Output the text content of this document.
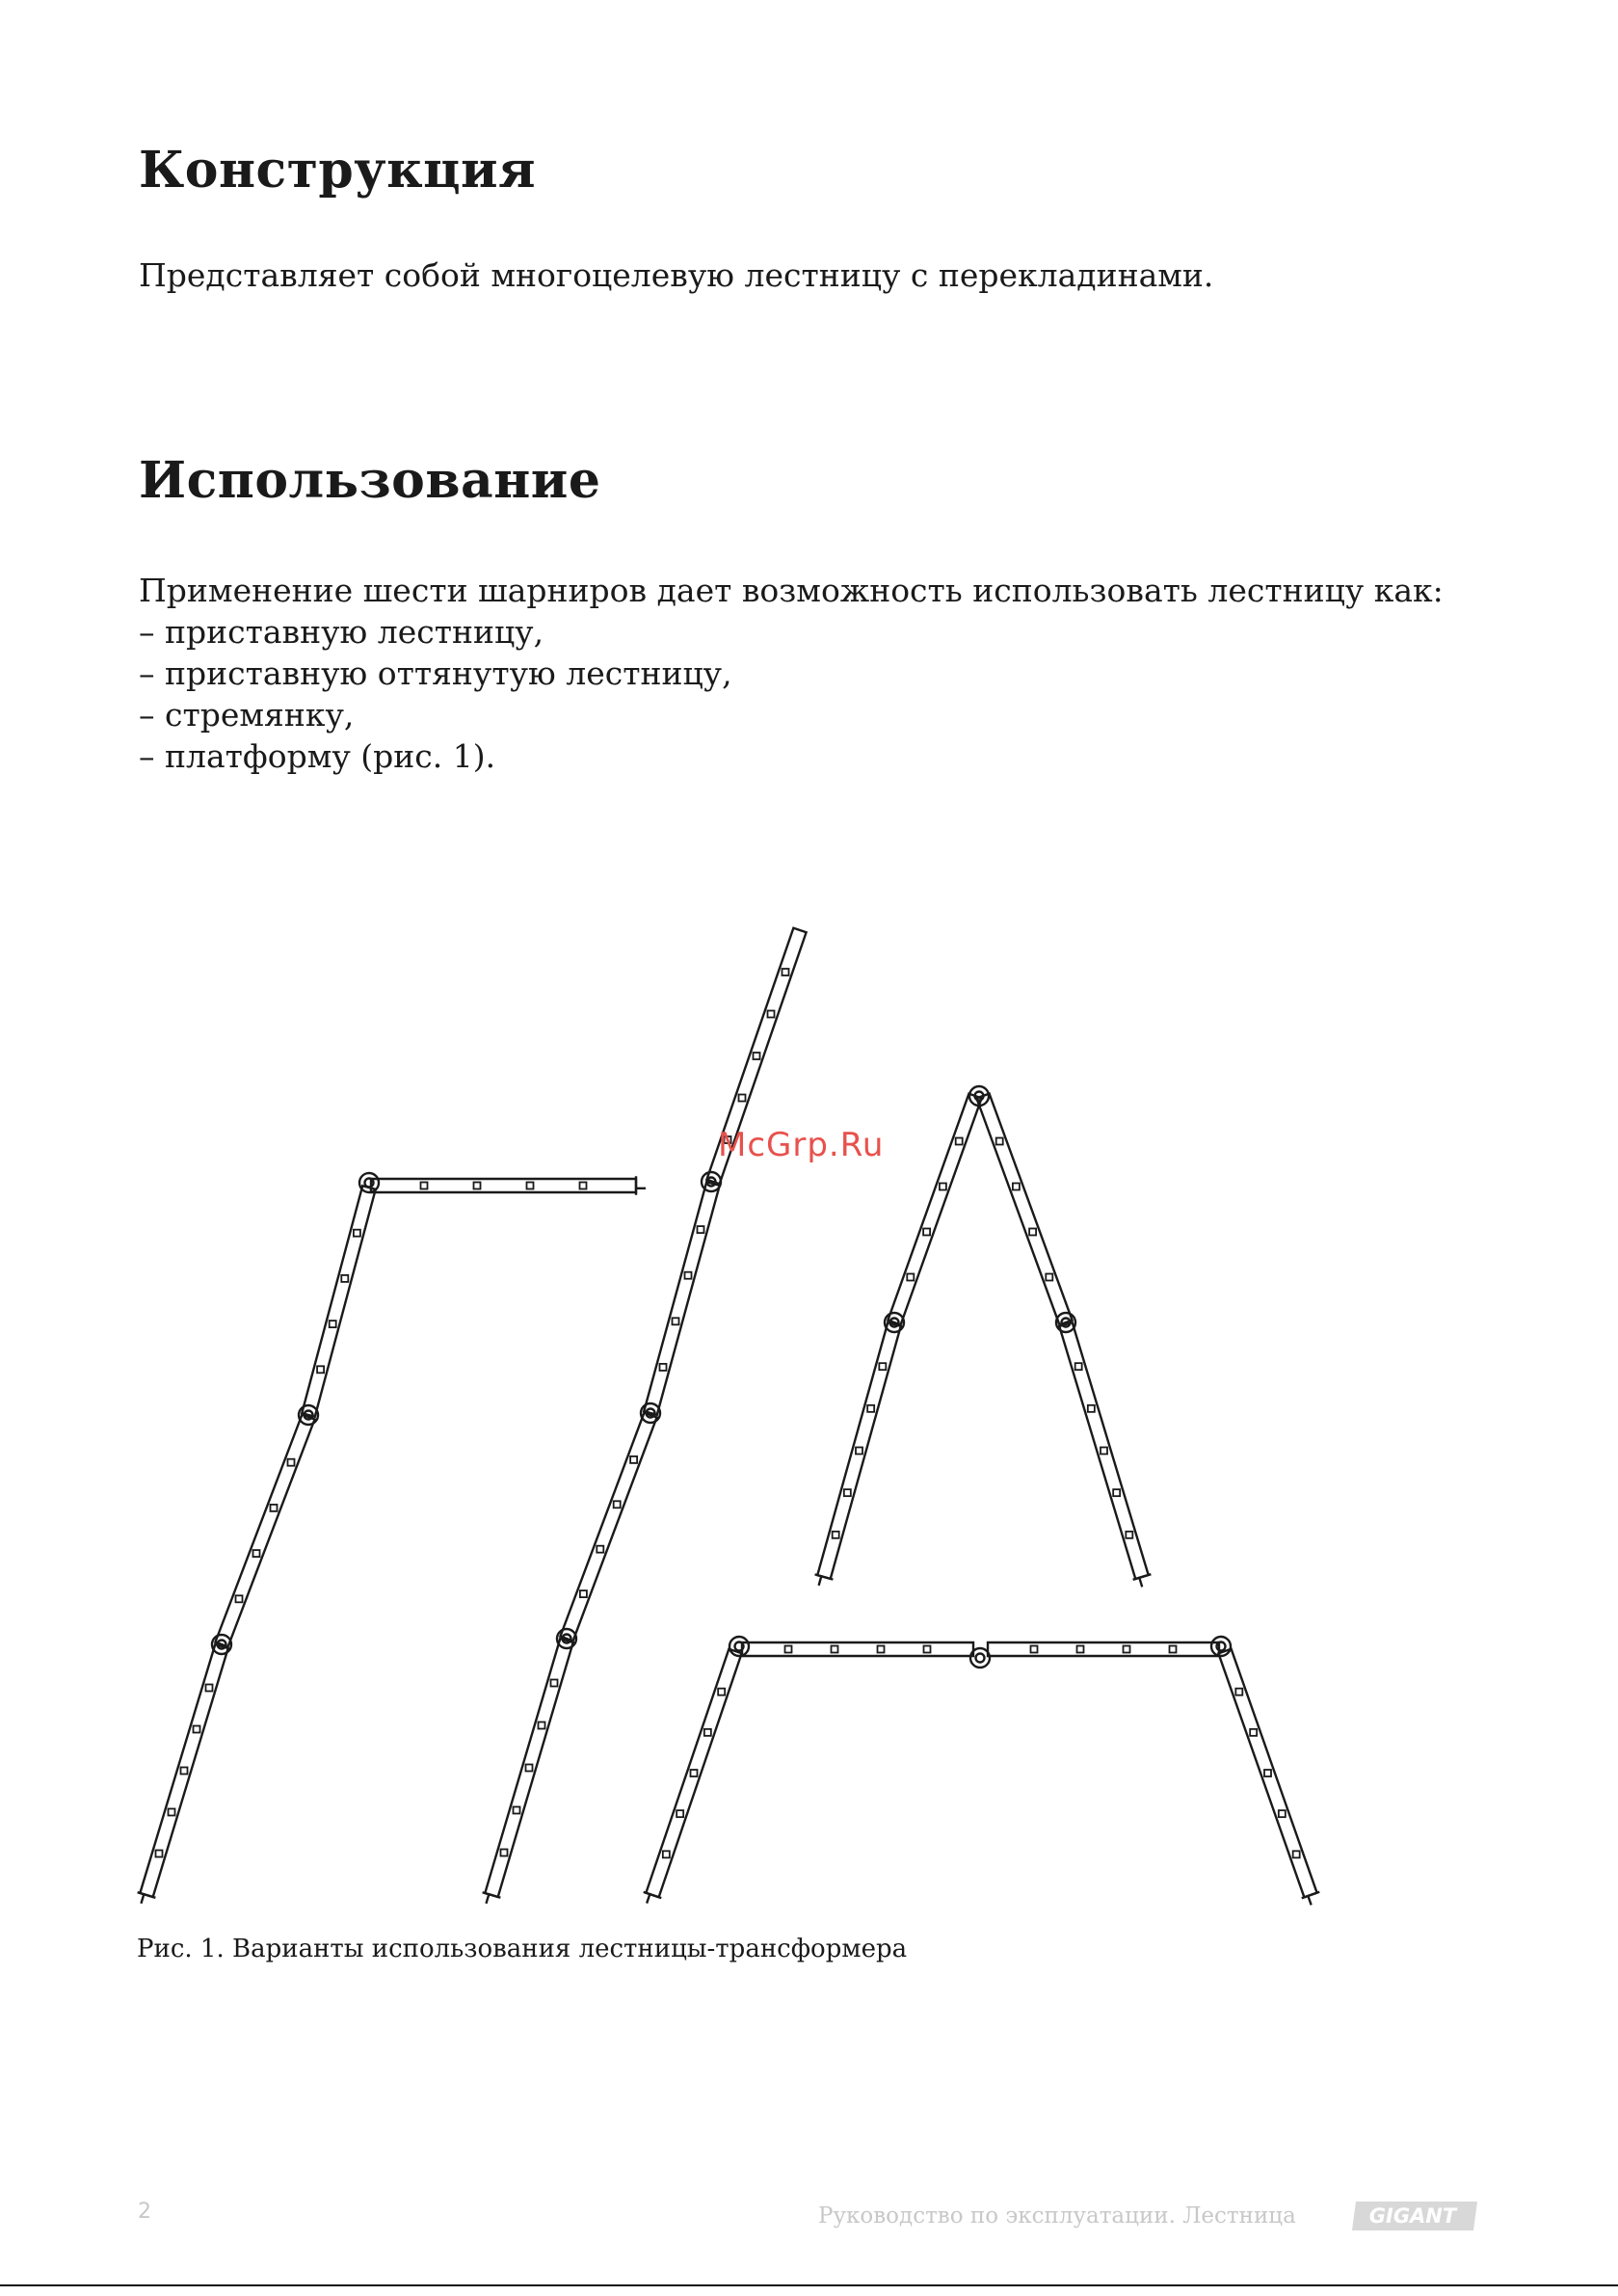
Конструкция

Представляет собой многоцелевую лестницу с перекладинами.

Использование

Применение шести шарниров дает возможность использовать лестницу как:

– приставную лестницу,
– приставную оттянутую лестницу,
– стремянку,
– платформу (рис. 1).
McGrp.Ru
Рис. 1. Варианты использования лестницы-трансформера
2	Руководство по эксплуатации. Лестница	GIGANT
